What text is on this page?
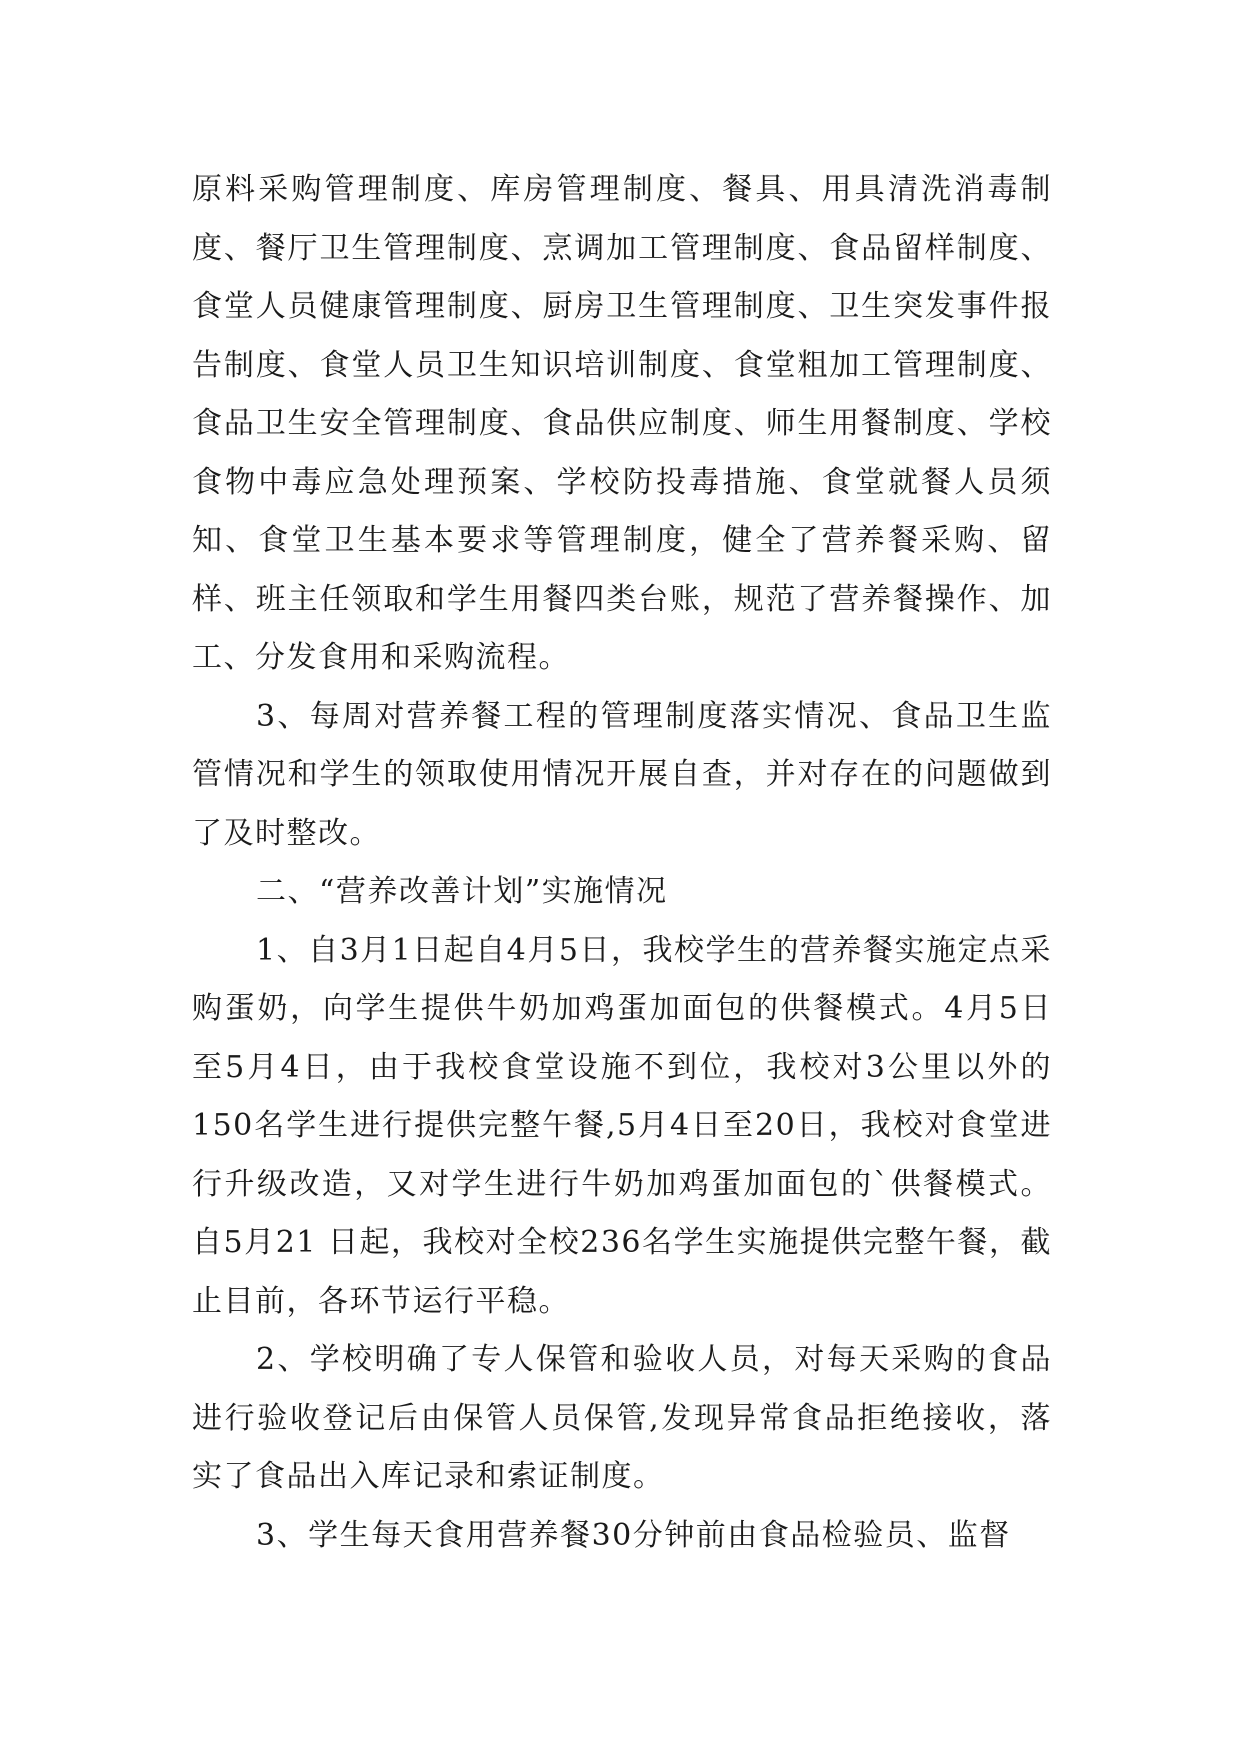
原料采购管理制度、库房管理制度、餐具、用具清洗消毒制度、餐厅卫生管理制度、烹调加工管理制度、食品留样制度、食堂人员健康管理制度、厨房卫生管理制度、卫生突发事件报告制度、食堂人员卫生知识培训制度、食堂粗加工管理制度、食品卫生安全管理制度、食品供应制度、师生用餐制度、学校食物中毒应急处理预案、学校防投毒措施、食堂就餐人员须知、食堂卫生基本要求等管理制度，健全了营养餐采购、留样、班主任领取和学生用餐四类台账，规范了营养餐操作、加工、分发食用和采购流程。

3、每周对营养餐工程的管理制度落实情况、食品卫生监管情况和学生的领取使用情况开展自查，并对存在的问题做到了及时整改。

二、“营养改善计划”实施情况

1、自3月1日起自4月5日，我校学生的营养餐实施定点采购蛋奶，向学生提供牛奶加鸡蛋加面包的供餐模式。4月5日至5月4日，由于我校食堂设施不到位，我校对3公里以外的150名学生进行提供完整午餐,5月4日至20日，我校对食堂进行升级改造，又对学生进行牛奶加鸡蛋加面包的`供餐模式。自5月21 日起，我校对全校236名学生实施提供完整午餐，截止目前，各环节运行平稳。

2、学校明确了专人保管和验收人员，对每天采购的食品进行验收登记后由保管人员保管,发现异常食品拒绝接收，落实了食品出入库记录和索证制度。

3、学生每天食用营养餐30分钟前由食品检验员、监督
